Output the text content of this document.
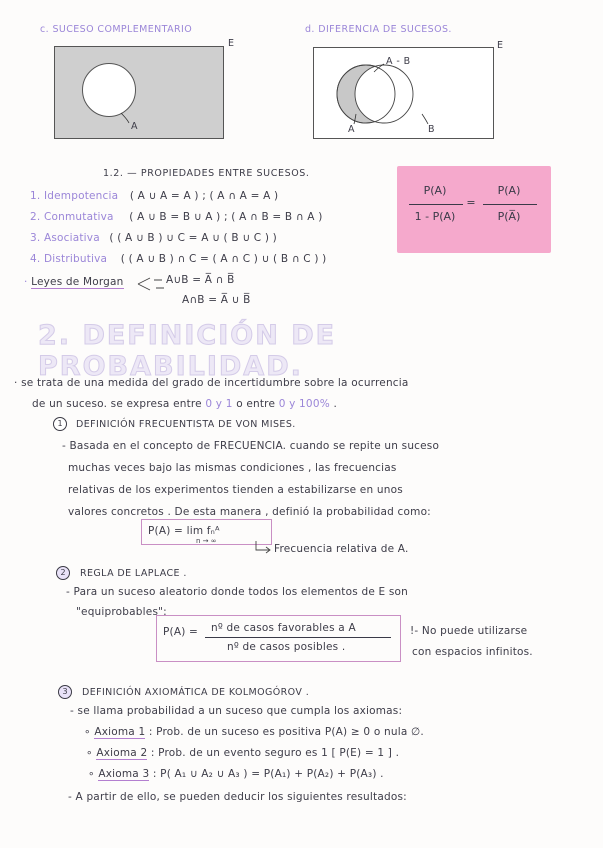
c. SUCESO COMPLEMENTARIO
A
E
d. DIFERENCIA DE SUCESOS.
A - B
A	B
E
1.2. — PROPIEDADES ENTRE SUCESOS.
1. Idempotencia ( A ∪ A = A ) ; ( A ∩ A = A )
2. Conmutativa ( A ∪ B = B ∪ A ) ; ( A ∩ B = B ∩ A )
3. Asociativa ( ( A ∪ B ) ∪ C = A ∪ ( B ∪ C ) )
4. Distributiva ( ( A ∪ B ) ∩ C = ( A ∩ C ) ∪ ( B ∩ C ) )
· Leyes de Morgan	A∪B = A̅ ∩ B̅
A∩B = A̅ ∪ B̅
P(A)
1 - P(A)
=
P(A)
P(A̅)
2. DEFINICIÓN DE PROBABILIDAD.
· se trata de una medida del grado de incertidumbre sobre la ocurrencia
de un suceso. se expresa entre 0 y 1 o entre 0 y 100% .
1	DEFINICIÓN FRECUENTISTA DE VON MISES.
- Basada en el concepto de FRECUENCIA. cuando se repite un suceso
muchas veces bajo las mismas condiciones , las frecuencias
relativas de los experimentos tienden a estabilizarse en unos
valores concretos . De esta manera , definió la probabilidad como:
P(A) = lim fₙᴬ
n → ∞
Frecuencia relativa de A.
2	REGLA DE LAPLACE .
- Para un suceso aleatorio donde todos los elementos de E son
"equiprobables":
P(A) = nº de casos favorables a A
nº de casos posibles .
!- No puede utilizarse
con espacios infinitos.
3	DEFINICIÓN AXIOMÁTICA DE KOLMOGÓROV .
- se llama probabilidad a un suceso que cumpla los axiomas:
∘ Axioma 1 : Prob. de un suceso es positiva P(A) ≥ 0 o nula ∅.
∘ Axioma 2 : Prob. de un evento seguro es 1 [ P(E) = 1 ] .
∘ Axioma 3 : P( A₁ ∪ A₂ ∪ A₃ ) = P(A₁) + P(A₂) + P(A₃) .
- A partir de ello, se pueden deducir los siguientes resultados:
